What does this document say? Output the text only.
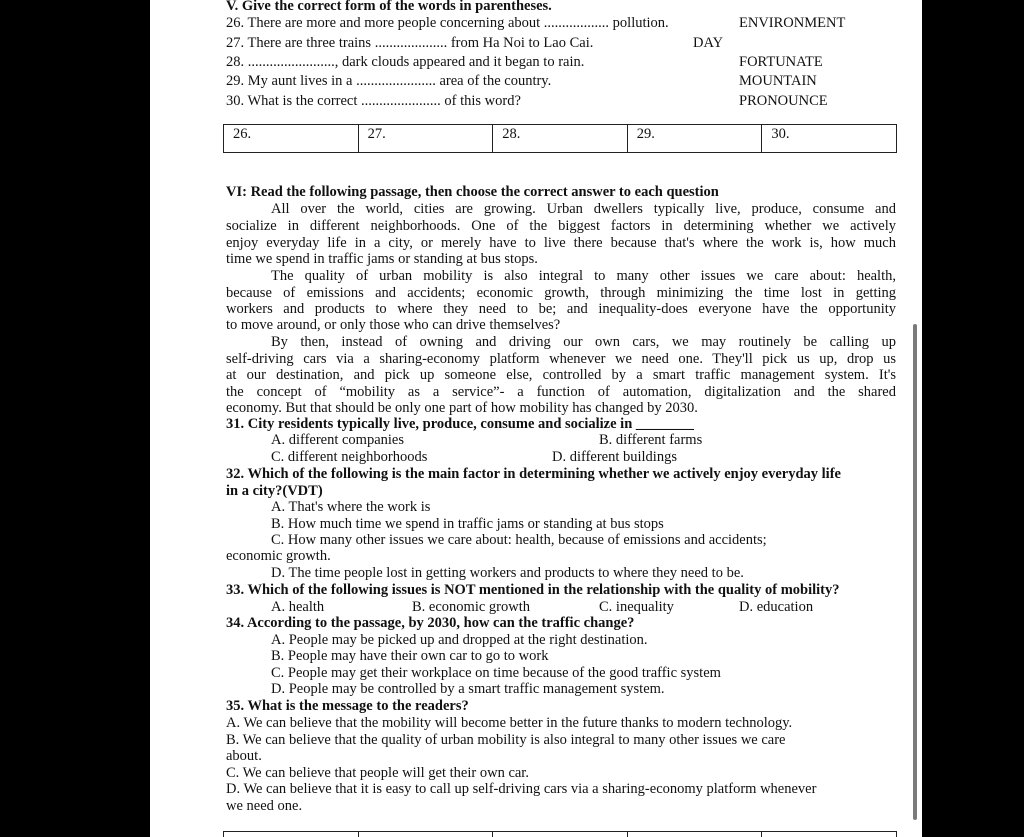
V. Give the correct form of the words in parentheses.
26. There are more and more people concerning about .................. pollution.	ENVIRONMENT
27. There are three trains .................... from Ha Noi to Lao Cai.	DAY
28. ........................, dark clouds appeared and it began to rain.	FORTUNATE
29. My aunt lives in a ...................... area of the country.	MOUNTAIN
30. What is the correct ...................... of this word?	PRONOUNCE
26.	27.	28.	29.	30.
VI: Read the following passage, then choose the correct answer to each question
All over the world, cities are growing. Urban dwellers typically live, produce, consume and
socialize in different neighborhoods. One of the biggest factors in determining whether we actively
enjoy everyday life in a city, or merely have to live there because that's where the work is, how much
time we spend in traffic jams or standing at bus stops.
The quality of urban mobility is also integral to many other issues we care about: health,
because of emissions and accidents; economic growth, through minimizing the time lost in getting
workers and products to where they need to be; and inequality-does everyone have the opportunity
to move around, or only those who can drive themselves?
By then, instead of owning and driving our own cars, we may routinely be calling up
self-driving cars via a sharing-economy platform whenever we need one. They'll pick us up, drop us
at our destination, and pick up someone else, controlled by a smart traffic management system. It's
the concept of “mobility as a service”- a function of automation, digitalization and the shared
economy. But that should be only one part of how mobility has changed by 2030.
31. City residents typically live, produce, consume and socialize in ________
A. different companies	B. different farms
C. different neighborhoods	D. different buildings
32. Which of the following is the main factor in determining whether we actively enjoy everyday life
in a city?(VDT)
A. That's where the work is
B. How much time we spend in traffic jams or standing at bus stops
C. How many other issues we care about: health, because of emissions and accidents;
economic growth.
D. The time people lost in getting workers and products to where they need to be.
33. Which of the following issues is NOT mentioned in the relationship with the quality of mobility?
A. health	B. economic growth	C. inequality	D. education
34. According to the passage, by 2030, how can the traffic change?
A. People may be picked up and dropped at the right destination.
B. People may have their own car to go to work
C. People may get their workplace on time because of the good traffic system
D. People may be controlled by a smart traffic management system.
35. What is the message to the readers?
A. We can believe that the mobility will become better in the future thanks to modern technology.
B. We can believe that the quality of urban mobility is also integral to many other issues we care
about.
C. We can believe that people will get their own car.
D. We can believe that it is easy to call up self-driving cars via a sharing-economy platform whenever
we need one.
